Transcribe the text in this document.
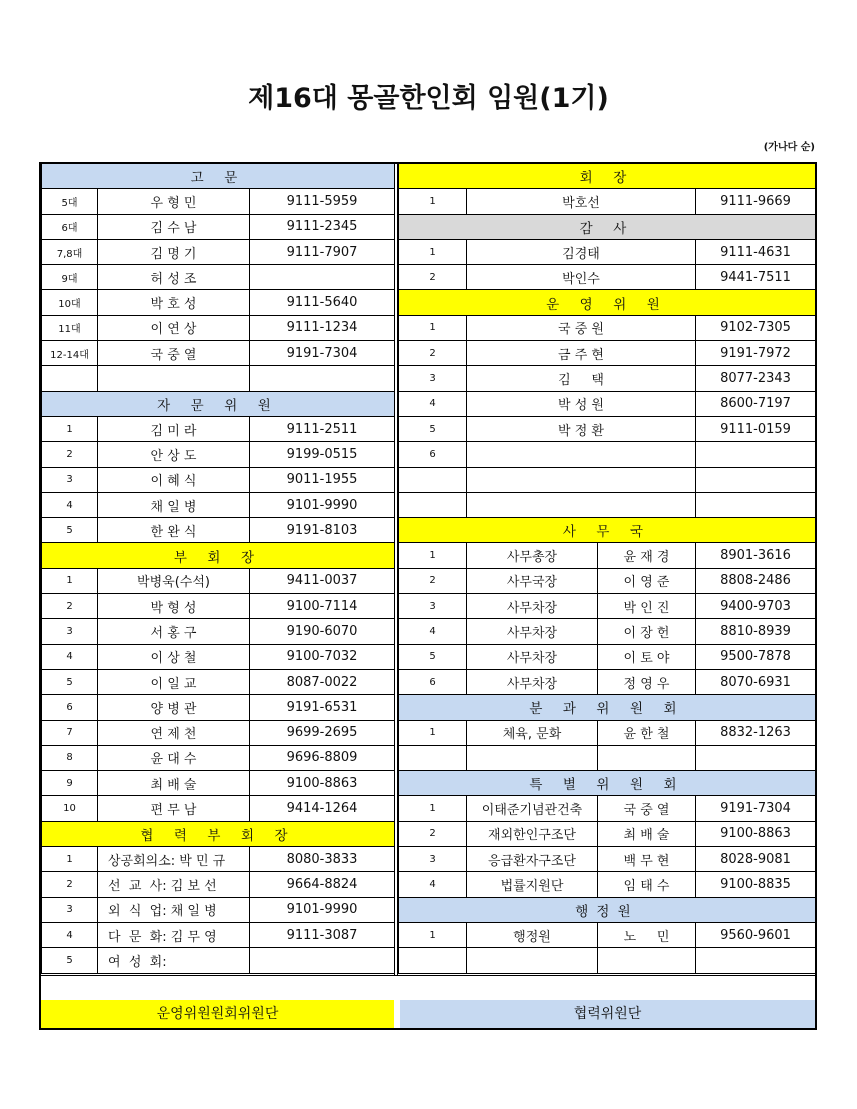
제16대 몽골한인회 임원(1기)
(가나다 순)
고 문		
5대	우 형 민	9111-5959
6대	김 수 남	9111-2345
7,8대	김 명 기	9111-7907
9대	허 성 조	
10대	박 호 성	9111-5640
11대	이 연 상	9111-1234
12-14대	국 중 열	9191-7304

자 문 위 원		
1	김 미 라	9111-2511
2	안 상 도	9199-0515
3	이 혜 식	9011-1955
4	채 일 병	9101-9990
5	한 완 식	9191-8103
부 회 장		
1	박병욱(수석)	9411-0037
2	박 형 성	9100-7114
3	서 홍 구	9190-6070
4	이 상 철	9100-7032
5	이 일 교	8087-0022
6	양 병 관	9191-6531
7	연 제 천	9699-2695
8	윤 대 수	9696-8809
9	최 배 술	9100-8863
10	편 무 남	9414-1264
협 력 부 회 장		
1	상공회의소: 박 민 규	8080-3833
2	선  교  사: 김 보 선	9664-8824
3	외  식  업: 채 일 병	9101-9990
4	다  문  화: 김 무 영	9111-3087
5	여  성  회:	
회 장			
1	박호선		9111-9669
감 사			
1	김경태		9111-4631
2	박인수		9441-7511
운 영 위 원			
1	국 중 원		9102-7305
2	금 주 현		9191-7972
3	김     택		8077-2343
4	박 성 원		8600-7197
5	박 정 환		9111-0159
6			

사 무 국			
1	사무총장	윤 재 경	8901-3616
2	사무국장	이 영 준	8808-2486
3	사무차장	박 인 진	9400-9703
4	사무차장	이 장 헌	8810-8939
5	사무차장	이 토 야	9500-7878
6	사무차장	정 영 우	8070-6931
분 과 위 원 회			
1	체육, 문화	윤 한 철	8832-1263

특 별 위 원 회			
1	이태준기념관건축	국 중 열	9191-7304
2	재외한인구조단	최 배 술	9100-8863
3	응급환자구조단	백 무 현	8028-9081
4	법률지원단	임 태 수	9100-8835
행정원			
1	행정원	노     민	9560-9601

운영위원원회위원단	협력위원단
